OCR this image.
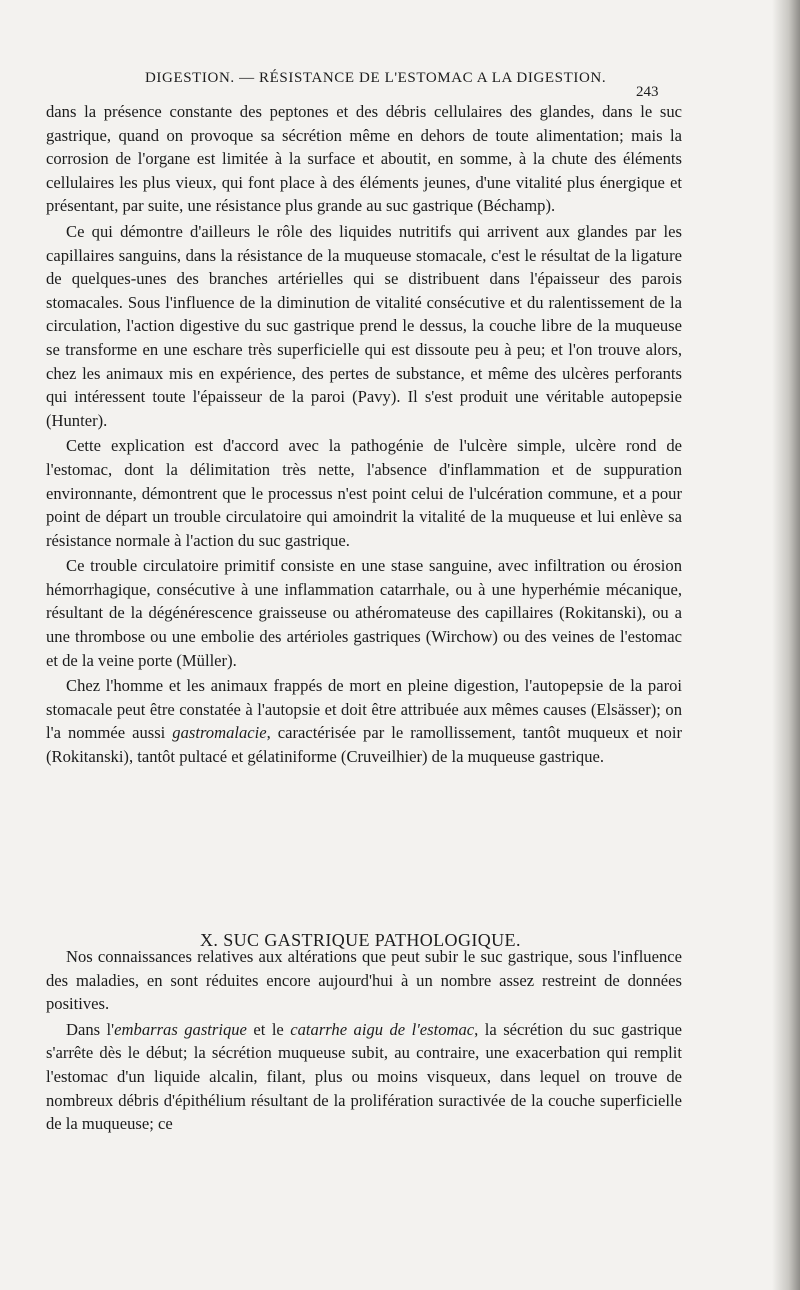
DIGESTION. — RÉSISTANCE DE L'ESTOMAC A LA DIGESTION.
243

dans la présence constante des peptones et des débris cellulaires des glandes, dans le suc gastrique, quand on provoque sa sécrétion même en dehors de toute alimentation; mais la corrosion de l'organe est limitée à la surface et aboutit, en somme, à la chute des éléments cellulaires les plus vieux, qui font place à des éléments jeunes, d'une vitalité plus énergique et présentant, par suite, une résistance plus grande au suc gastrique (Béchamp).

Ce qui démontre d'ailleurs le rôle des liquides nutritifs qui arrivent aux glandes par les capillaires sanguins, dans la résistance de la muqueuse stomacale, c'est le résultat de la ligature de quelques-unes des branches artérielles qui se distribuent dans l'épaisseur des parois stomacales. Sous l'influence de la diminution de vitalité consécutive et du ralentissement de la circulation, l'action digestive du suc gastrique prend le dessus, la couche libre de la muqueuse se transforme en une eschare très superficielle qui est dissoute peu à peu; et l'on trouve alors, chez les animaux mis en expérience, des pertes de substance, et même des ulcères perforants qui intéressent toute l'épaisseur de la paroi (Pavy). Il s'est produit une véritable autopepsie (Hunter).

Cette explication est d'accord avec la pathogénie de l'ulcère simple, ulcère rond de l'estomac, dont la délimitation très nette, l'absence d'inflammation et de suppuration environnante, démontrent que le processus n'est point celui de l'ulcération commune, et a pour point de départ un trouble circulatoire qui amoindrit la vitalité de la muqueuse et lui enlève sa résistance normale à l'action du suc gastrique.

Ce trouble circulatoire primitif consiste en une stase sanguine, avec infiltration ou érosion hémorrhagique, consécutive à une inflammation catarrhale, ou à une hyperhémie mécanique, résultant de la dégénérescence graisseuse ou athéromateuse des capillaires (Rokitanski), ou a une thrombose ou une embolie des artérioles gastriques (Wirchow) ou des veines de l'estomac et de la veine porte (Müller).

Chez l'homme et les animaux frappés de mort en pleine digestion, l'autopepsie de la paroi stomacale peut être constatée à l'autopsie et doit être attribuée aux mêmes causes (Elsässer); on l'a nommée aussi gastromalacie, caractérisée par le ramollissement, tantôt muqueux et noir (Rokitanski), tantôt pultacé et gélatiniforme (Cruveilhier) de la muqueuse gastrique.

X. SUC GASTRIQUE PATHOLOGIQUE.

Nos connaissances relatives aux altérations que peut subir le suc gastrique, sous l'influence des maladies, en sont réduites encore aujourd'hui à un nombre assez restreint de données positives.

Dans l'embarras gastrique et le catarrhe aigu de l'estomac, la sécrétion du suc gastrique s'arrête dès le début; la sécrétion muqueuse subit, au contraire, une exacerbation qui remplit l'estomac d'un liquide alcalin, filant, plus ou moins visqueux, dans lequel on trouve de nombreux débris d'épithélium résultant de la prolifération suractivée de la couche superficielle de la muqueuse; ce
